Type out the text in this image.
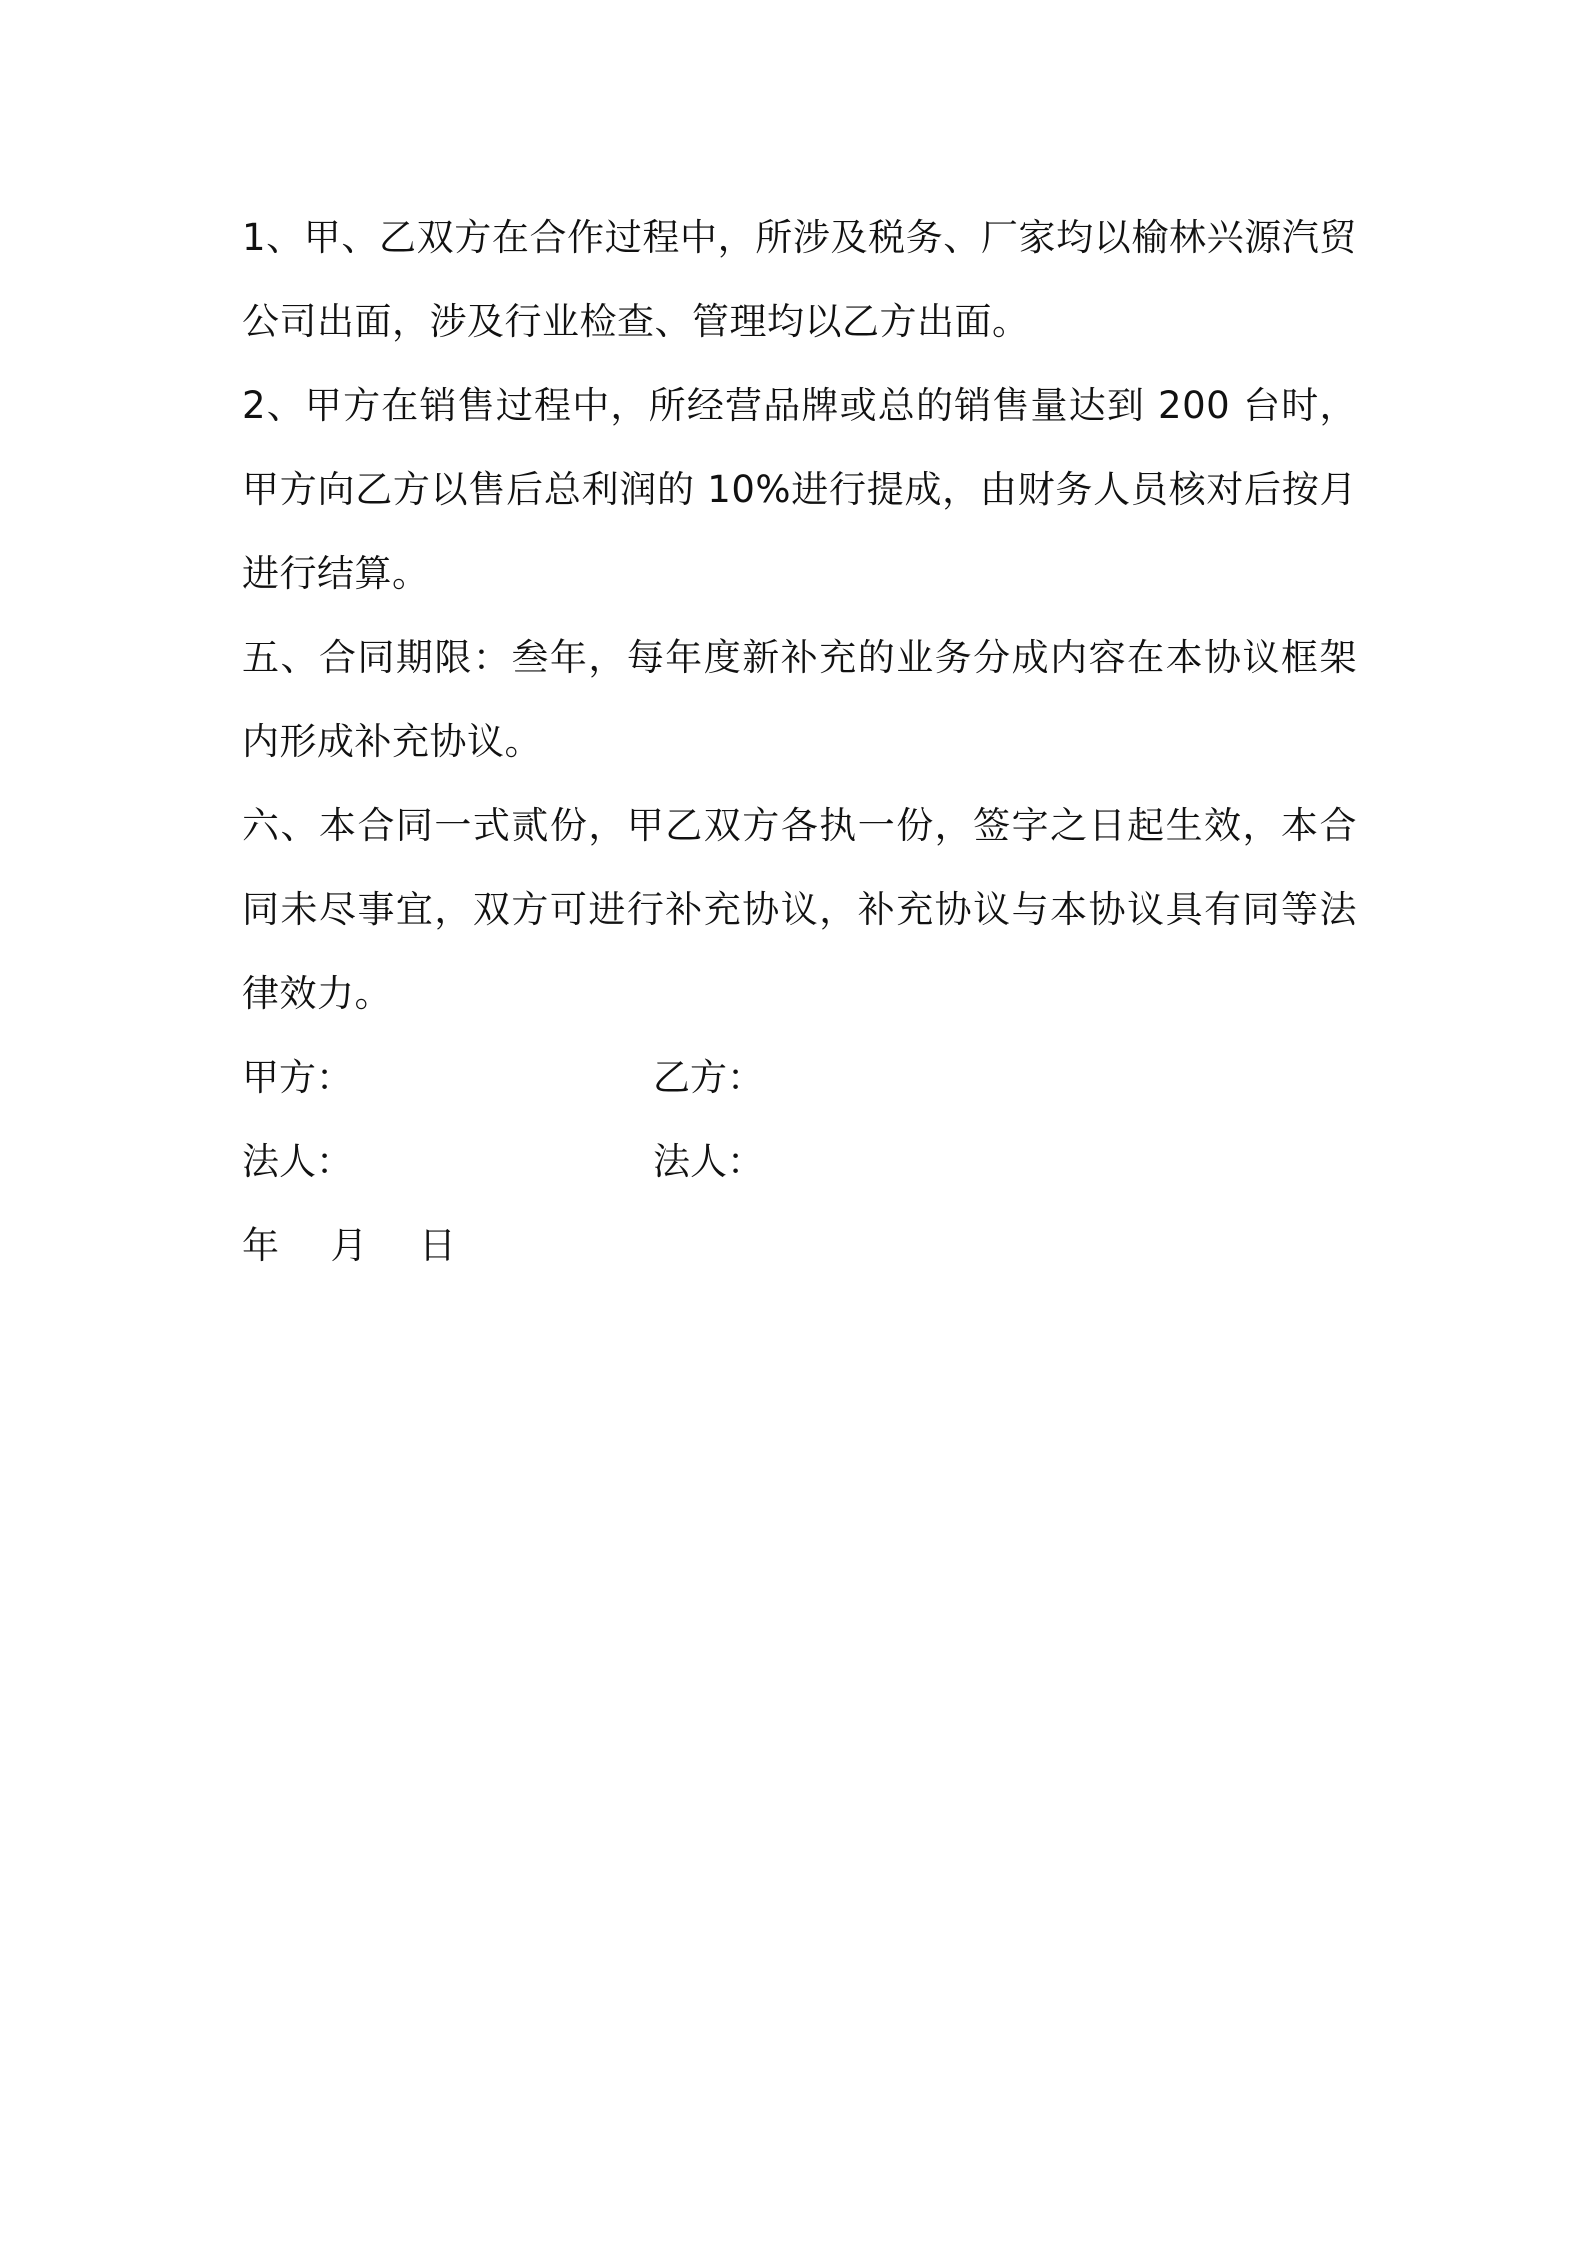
1、甲、乙双方在合作过程中，所涉及税务、厂家均以榆林兴源汽贸公司出面，涉及行业检查、管理均以乙方出面。

2、甲方在销售过程中，所经营品牌或总的销售量达到 200 台时，甲方向乙方以售后总利润的 10%进行提成，由财务人员核对后按月进行结算。

五、合同期限：叁年，每年度新补充的业务分成内容在本协议框架内形成补充协议。

六、本合同一式贰份，甲乙双方各执一份，签字之日起生效，本合同未尽事宜，双方可进行补充协议，补充协议与本协议具有同等法律效力。

甲方：	乙方：
法人：	法人：
年  月  日
